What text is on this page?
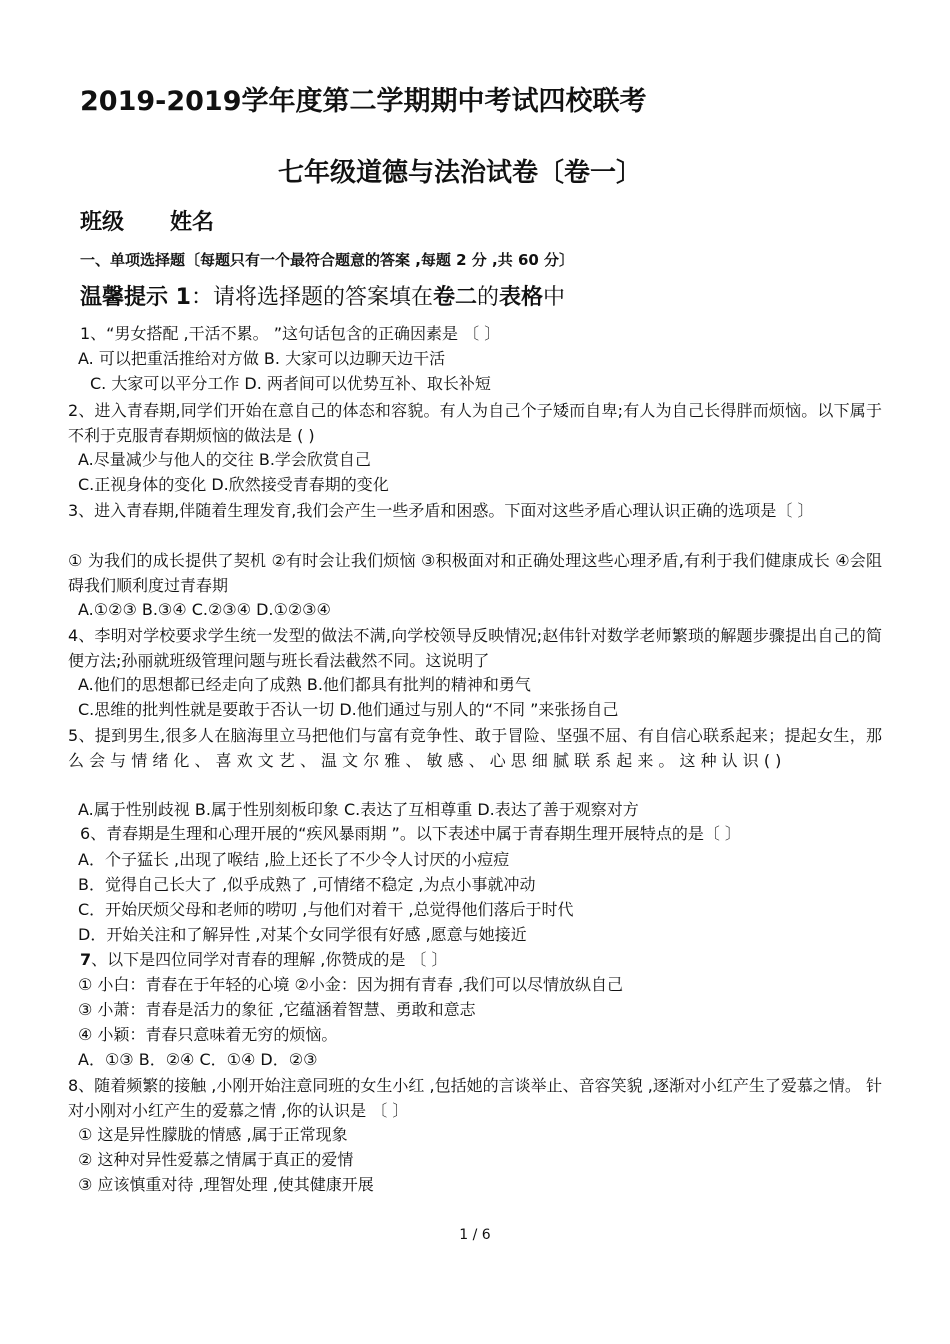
2019-2019学年度第二学期期中考试四校联考
七年级道德与法治试卷〔卷一〕
班级 姓名
一、单项选择题〔每题只有一个最符合题意的答案 ,每题 2 分 ,共 60 分〕
温馨提示 1：请将选择题的答案填在卷二的表格中
1、“男女搭配 ,干活不累。 ”这句话包含的正确因素是 〔 〕
A. 可以把重活推给对方做 B. 大家可以边聊天边干活
C. 大家可以平分工作 D. 两者间可以优势互补、取长补短
2、进入青春期,同学们开始在意自己的体态和容貌。有人为自己个子矮而自卑;有人为自己长得胖而烦恼。以下属于不利于克服青春期烦恼的做法是 ( )
A.尽量减少与他人的交往 B.学会欣赏自己
C.正视身体的变化 D.欣然接受青春期的变化
3、进入青春期,伴随着生理发育,我们会产生一些矛盾和困惑。下面对这些矛盾心理认识正确的选项是〔 〕
① 为我们的成长提供了契机 ②有时会让我们烦恼 ③积极面对和正确处理这些心理矛盾,有利于我们健康成长 ④会阻碍我们顺利度过青春期
A.①②③ B.③④ C.②③④ D.①②③④
4、李明对学校要求学生统一发型的做法不满,向学校领导反映情况;赵伟针对数学老师繁琐的解题步骤提出自己的简便方法;孙丽就班级管理问题与班长看法截然不同。这说明了
A.他们的思想都已经走向了成熟 B.他们都具有批判的精神和勇气
C.思维的批判性就是要敢于否认一切 D.他们通过与别人的“不同 ”来张扬自己
5、提到男生,很多人在脑海里立马把他们与富有竞争性、敢于冒险、坚强不屈、有自信心联系起来；提起女生，那 么 会 与 情 绪 化 、 喜 欢 文 艺 、 温 文 尔 雅 、 敏 感 、 心 思 细 腻 联 系 起 来 。 这 种 认 识 ( )
A.属于性别歧视 B.属于性别刻板印象 C.表达了互相尊重 D.表达了善于观察对方
6、青春期是生理和心理开展的“疾风暴雨期 ”。以下表述中属于青春期生理开展特点的是〔 〕
A．个子猛长 ,出现了喉结 ,脸上还长了不少令人讨厌的小痘痘
B．觉得自己长大了 ,似乎成熟了 ,可情绪不稳定 ,为点小事就冲动
C．开始厌烦父母和老师的唠叨 ,与他们对着干 ,总觉得他们落后于时代
D．开始关注和了解异性 ,对某个女同学很有好感 ,愿意与她接近
7、以下是四位同学对青春的理解 ,你赞成的是 〔 〕
① 小白：青春在于年轻的心境 ②小金：因为拥有青春 ,我们可以尽情放纵自己
③ 小萧：青春是活力的象征 ,它蕴涵着智慧、勇敢和意志
④ 小颖：青春只意味着无穷的烦恼。
A．①③ B．②④ C．①④ D．②③
8、随着频繁的接触 ,小刚开始注意同班的女生小红 ,包括她的言谈举止、音容笑貌 ,逐渐对小红产生了爱慕之情。 针对小刚对小红产生的爱慕之情 ,你的认识是 〔 〕
① 这是异性朦胧的情感 ,属于正常现象
② 这种对异性爱慕之情属于真正的爱情
③ 应该慎重对待 ,理智处理 ,使其健康开展
1 / 6
